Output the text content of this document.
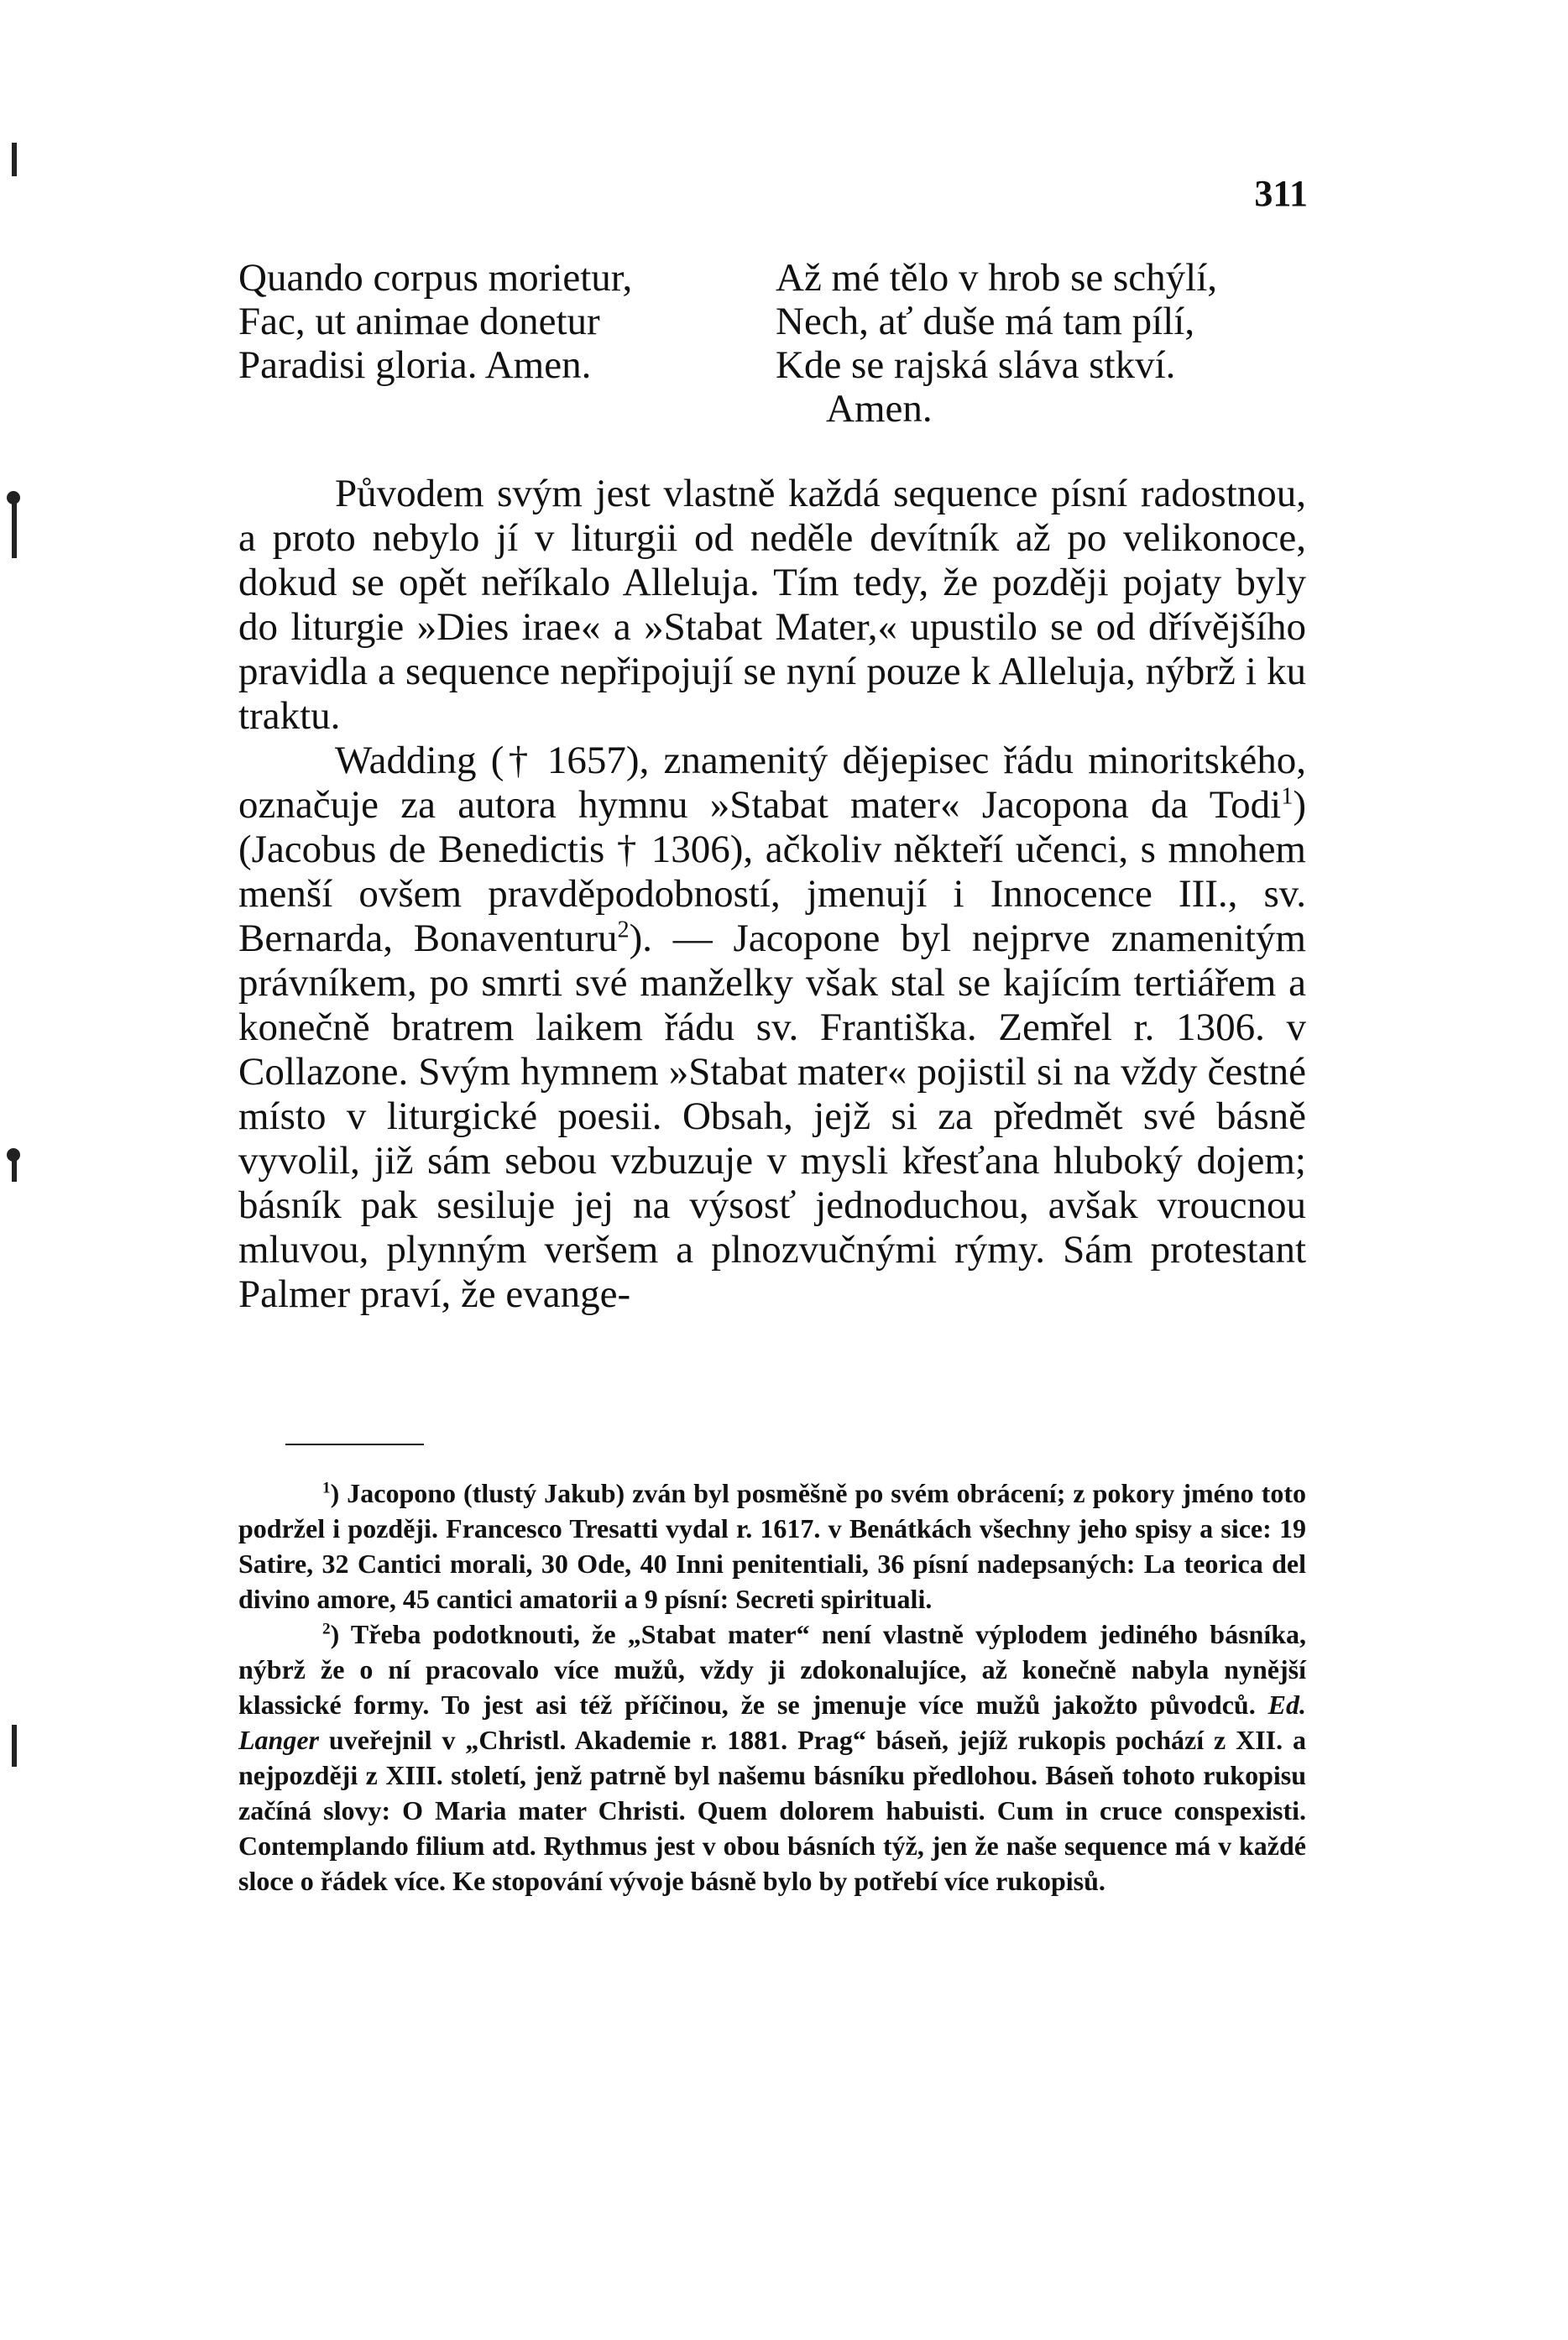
311
Quando corpus morietur,
Fac, ut animae donetur
Paradisi gloria. Amen.
Až mé tělo v hrob se schýlí,
Nech, ať duše má tam pílí,
Kde se rajská sláva stkví.
Amen.

Původem svým jest vlastně každá sequence písní radostnou, a proto nebylo jí v liturgii od neděle devítník až po velikonoce, dokud se opět neříkalo Alleluja. Tím tedy, že později pojaty byly do liturgie »Dies irae« a »Stabat Mater,« upustilo se od dřívějšího pravidla a sequence nepřipojují se nyní pouze k Alleluja, nýbrž i ku traktu.

Wadding († 1657), znamenitý dějepisec řádu minoritského, označuje za autora hymnu »Stabat mater« Jacopona da Todi$^1$) (Jacobus de Benedictis † 1306), ačkoliv někteří učenci, s mnohem menší ovšem pravděpodobností, jmenují i Innocence III., sv. Bernarda, Bonaventuru$^2$). — Jacopone byl nejprve znamenitým právníkem, po smrti své manželky však stal se kajícím tertiářem a konečně bratrem laikem řádu sv. Františka. Zemřel r. 1306. v Collazone. Svým hymnem »Stabat mater« pojistil si na vždy čestné místo v liturgické poesii. Obsah, jejž si za předmět své básně vyvolil, již sám sebou vzbuzuje v mysli křesťana hluboký dojem; básník pak sesiluje jej na výsosť jednoduchou, avšak vroucnou mluvou, plynným veršem a plnozvučnými rýmy. Sám protestant Palmer praví, že evange-

$^1$) Jacopono (tlustý Jakub) zván byl posměšně po svém obrácení; z pokory jméno toto podržel i později. Francesco Tresatti vydal r. 1617. v Benátkách všechny jeho spisy a sice: 19 Satire, 32 Cantici morali, 30 Ode, 40 Inni penitentiali, 36 písní nadepsaných: La teorica del divino amore, 45 cantici amatorii a 9 písní: Secreti spirituali.

$^2$) Třeba podotknouti, že „Stabat mater“ není vlastně výplodem jediného básníka, nýbrž že o ní pracovalo více mužů, vždy ji zdokonalujíce, až konečně nabyla nynější klassické formy. To jest asi též příčinou, že se jmenuje více mužů jakožto původců. Ed. Langer uveřejnil v „Christl. Akademie r. 1881. Prag“ báseň, jejíž rukopis pochází z XII. a nejpozději z XIII. století, jenž patrně byl našemu básníku předlohou. Báseň tohoto rukopisu začíná slovy: O Maria mater Christi. Quem dolorem habuisti. Cum in cruce conspexisti. Contemplando filium atd. Rythmus jest v obou básních týž, jen že naše sequence má v každé sloce o řádek více. Ke stopování vývoje básně bylo by potřebí více rukopisů.
